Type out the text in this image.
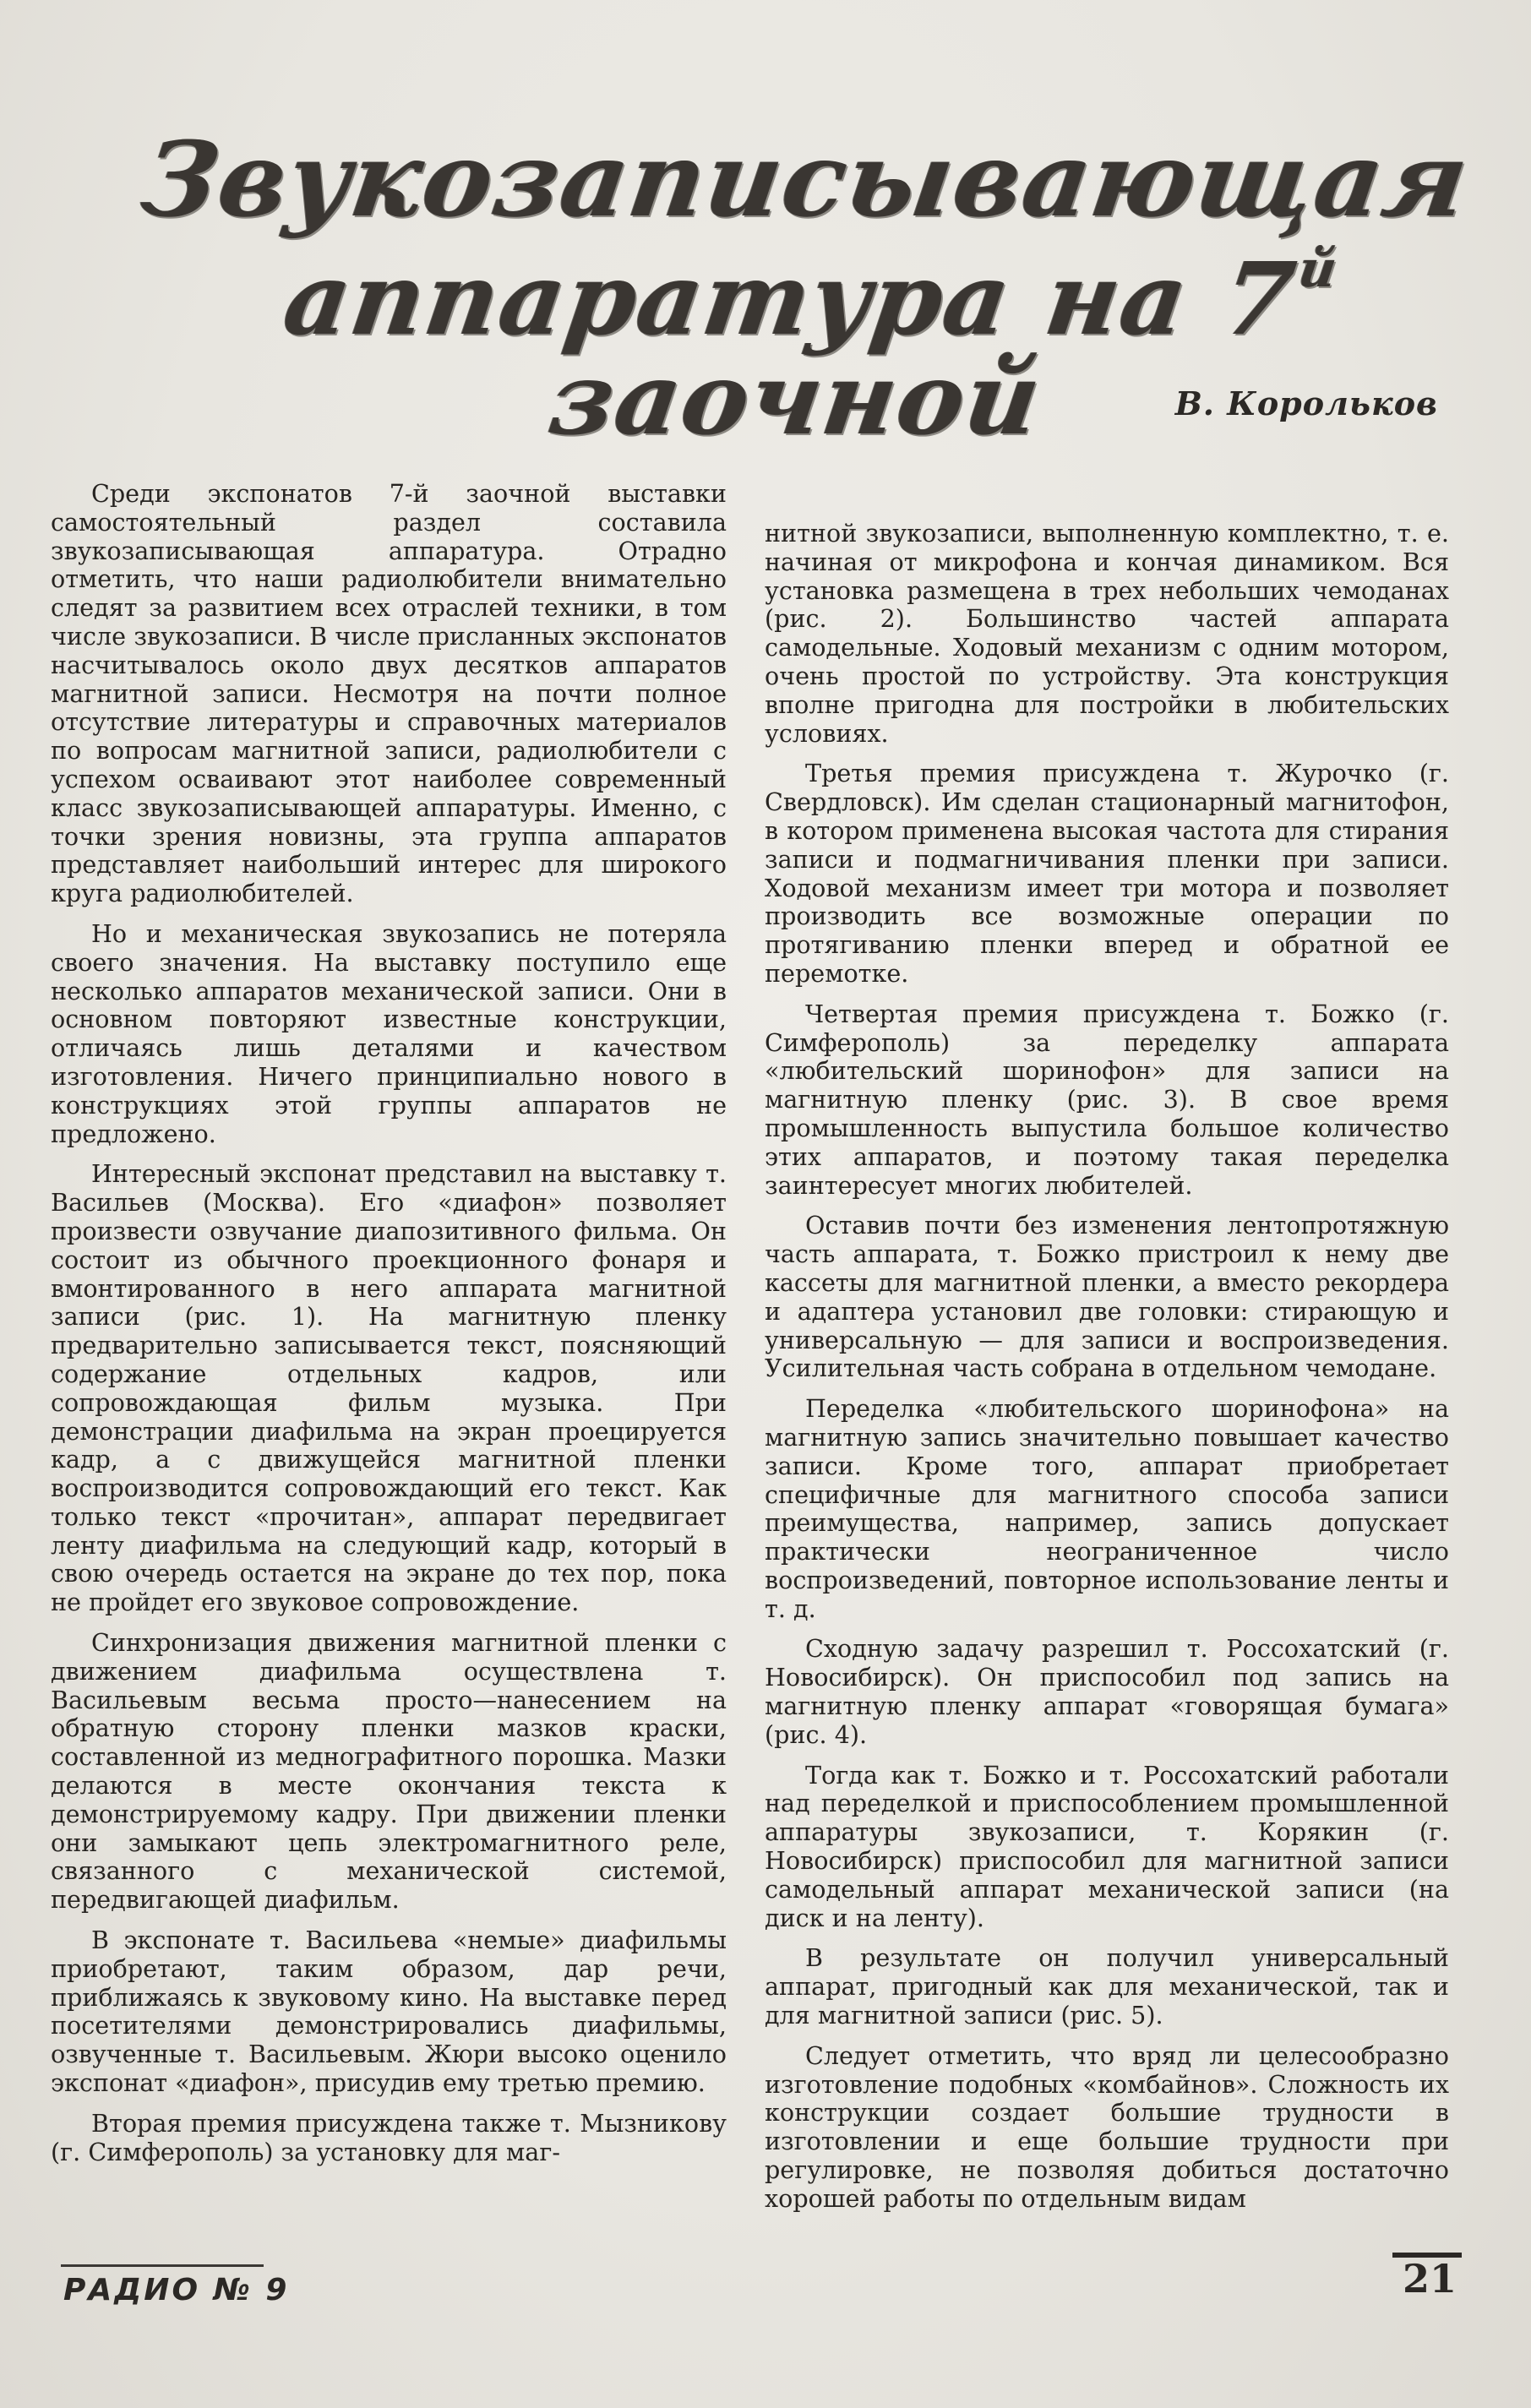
Звукозаписывающая
аппаратура на $7^й$ заочной	В. Корольков

Среди экспонатов 7-й заочной выставки самостоятельный раздел составила звукозаписывающая аппаратура. Отрадно отметить, что наши радиолюбители внимательно следят за развитием всех отраслей техники, в том числе звукозаписи. В числе присланных экспонатов насчитывалось около двух десятков аппаратов магнитной записи. Несмотря на почти полное отсутствие литературы и справочных материалов по вопросам магнитной записи, радиолюбители с успехом осваивают этот наиболее современный класс звукозаписывающей аппаратуры. Именно, с точки зрения новизны, эта группа аппаратов представляет наибольший интерес для широкого круга радиолюбителей.

Но и механическая звукозапись не потеряла своего значения. На выставку поступило еще несколько аппаратов механической записи. Они в основном повторяют известные конструкции, отличаясь лишь деталями и качеством изготовления. Ничего принципиально нового в конструкциях этой группы аппаратов не предложено.

Интересный экспонат представил на выставку т. Васильев (Москва). Его «диафон» позволяет произвести озвучание диапозитивного фильма. Он состоит из обычного проекционного фонаря и вмонтированного в него аппарата магнитной записи (рис. 1). На магнитную пленку предварительно записывается текст, поясняющий содержание отдельных кадров, или сопровождающая фильм музыка. При демонстрации диафильма на экран проецируется кадр, а с движущейся магнитной пленки воспроизводится сопровождающий его текст. Как только текст «прочитан», аппарат передвигает ленту диафильма на следующий кадр, который в свою очередь остается на экране до тех пор, пока не пройдет его звуковое сопровождение.

Синхронизация движения магнитной пленки с движением диафильма осуществлена т. Васильевым весьма просто—нанесением на обратную сторону пленки мазков краски, составленной из меднографитного порошка. Мазки делаются в месте окончания текста к демонстрируемому кадру. При движении пленки они замыкают цепь электромагнитного реле, связанного с механической системой, передвигающей диафильм.

В экспонате т. Васильева «немые» диафильмы приобретают, таким образом, дар речи, приближаясь к звуковому кино. На выставке перед посетителями демонстрировались диафильмы, озвученные т. Васильевым. Жюри высоко оценило экспонат «диафон», присудив ему третью премию.

Вторая премия присуждена также т. Мызникову (г. Симферополь) за установку для маг-

нитной звукозаписи, выполненную комплектно, т. е. начиная от микрофона и кончая динамиком. Вся установка размещена в трех небольших чемоданах (рис. 2). Большинство частей аппарата самодельные. Ходовый механизм с одним мотором, очень простой по устройству. Эта конструкция вполне пригодна для постройки в любительских условиях.

Третья премия присуждена т. Журочко (г. Свердловск). Им сделан стационарный магнитофон, в котором применена высокая частота для стирания записи и подмагничивания пленки при записи. Ходовой механизм имеет три мотора и позволяет производить все возможные операции по протягиванию пленки вперед и обратной ее перемотке.

Четвертая премия присуждена т. Божко (г. Симферополь) за переделку аппарата «любительский шоринофон» для записи на магнитную пленку (рис. 3). В свое время промышленность выпустила большое количество этих аппаратов, и поэтому такая переделка заинтересует многих любителей.

Оставив почти без изменения лентопротяжную часть аппарата, т. Божко пристроил к нему две кассеты для магнитной пленки, а вместо рекордера и адаптера установил две головки: стирающую и универсальную — для записи и воспроизведения. Усилительная часть собрана в отдельном чемодане.

Переделка «любительского шоринофона» на магнитную запись значительно повышает качество записи. Кроме того, аппарат приобретает специфичные для магнитного способа записи преимущества, например, запись допускает практически неограниченное число воспроизведений, повторное использование ленты и т. д.

Сходную задачу разрешил т. Россохатский (г. Новосибирск). Он приспособил под запись на магнитную пленку аппарат «говорящая бумага» (рис. 4).

Тогда как т. Божко и т. Россохатский работали над переделкой и приспособлением промышленной аппаратуры звукозаписи, т. Корякин (г. Новосибирск) приспособил для магнитной записи самодельный аппарат механической записи (на диск и на ленту).

В результате он получил универсальный аппарат, пригодный как для механической, так и для магнитной записи (рис. 5).

Следует отметить, что вряд ли целесообразно изготовление подобных «комбайнов». Сложность их конструкции создает большие трудности в изготовлении и еще большие трудности при регулировке, не позволяя добиться достаточно хорошей работы по отдельным видам

РАДИО № 9	21
